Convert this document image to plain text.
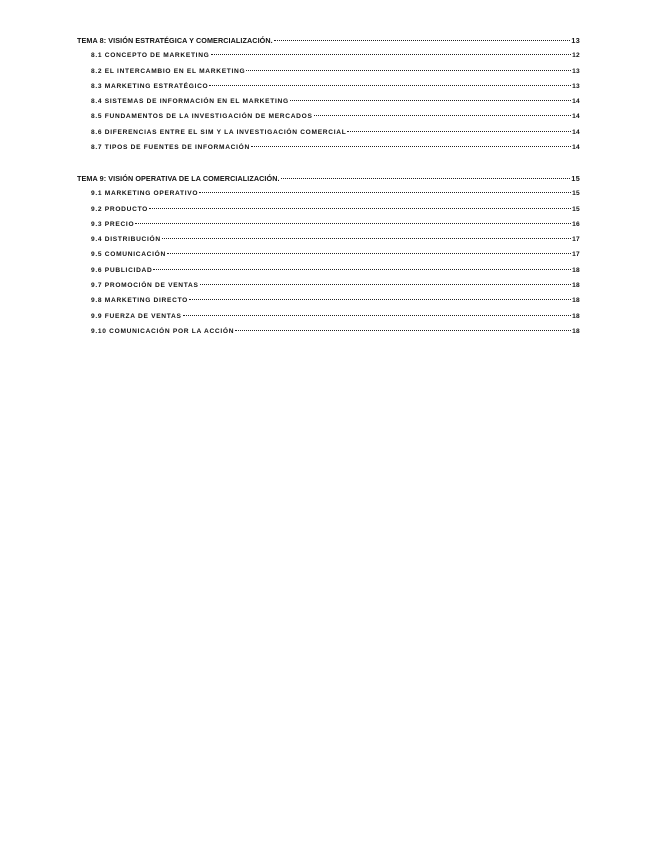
TEMA 8: VISIÓN ESTRATÉGICA Y COMERCIALIZACIÓN.	13
8.1 CONCEPTO DE MARKETING	12
8.2 EL INTERCAMBIO EN EL MARKETING	13
8.3 MARKETING ESTRATÉGICO	13
8.4 SISTEMAS DE INFORMACIÓN EN EL MARKETING	14
8.5 FUNDAMENTOS DE LA INVESTIGACIÓN DE MERCADOS	14
8.6 DIFERENCIAS ENTRE EL SIM Y LA INVESTIGACIÓN COMERCIAL	14
8.7 TIPOS DE FUENTES DE INFORMACIÓN	14
TEMA 9: VISIÓN OPERATIVA DE LA COMERCIALIZACIÓN.	15
9.1 MARKETING OPERATIVO	15
9.2 PRODUCTO	15
9.3 PRECIO	16
9.4 DISTRIBUCIÓN	17
9.5 COMUNICACIÓN	17
9.6 PUBLICIDAD	18
9.7 PROMOCIÓN DE VENTAS	18
9.8 MARKETING DIRECTO	18
9.9 FUERZA DE VENTAS	18
9.10 COMUNICACIÓN POR LA ACCIÓN	18
